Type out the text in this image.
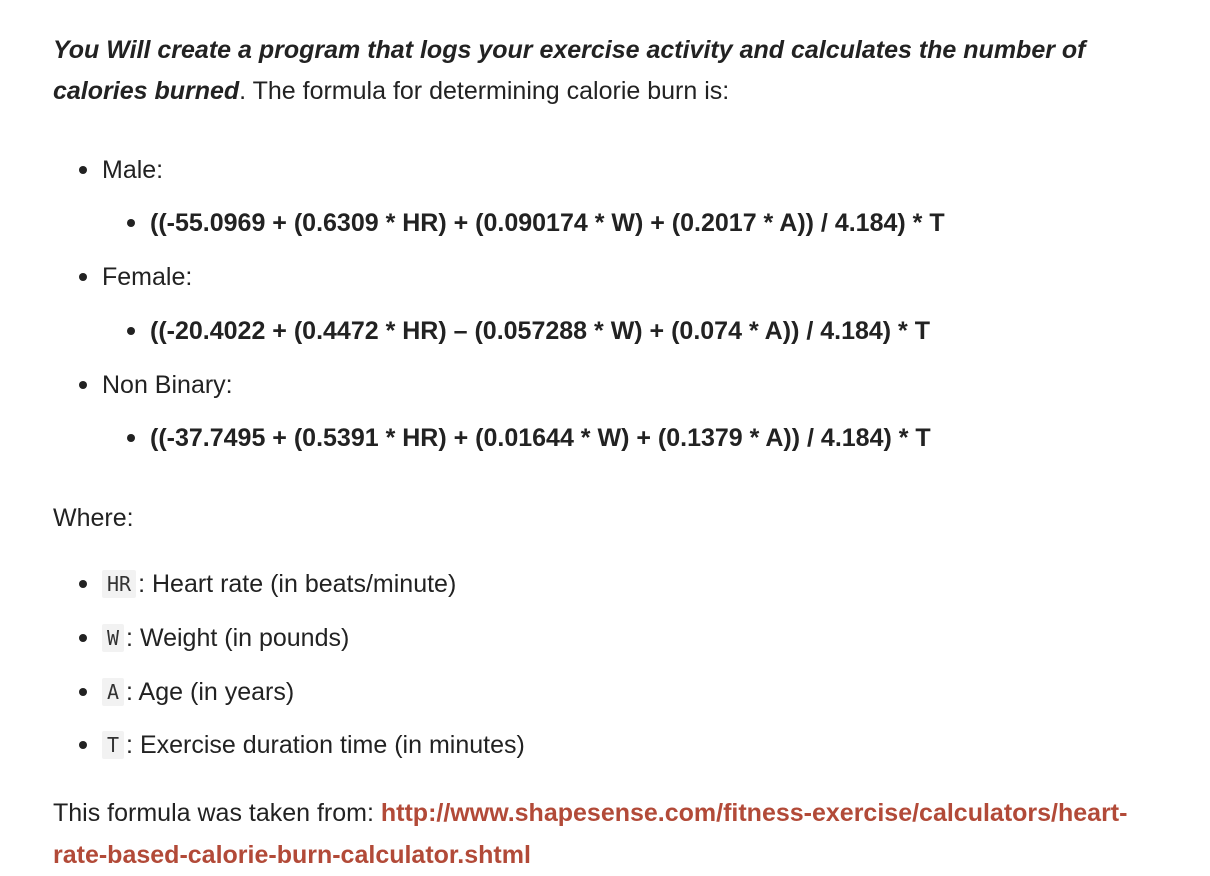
You Will create a program that logs your exercise activity and calculates the number of calories burned. The formula for determining calorie burn is:

Male:
((-55.0969 + (0.6309 * HR) + (0.090174 * W) + (0.2017 * A)) / 4.184) * T
Female:
((-20.4022 + (0.4472 * HR) – (0.057288 * W) + (0.074 * A)) / 4.184) * T
Non Binary:
((-37.7495 + (0.5391 * HR) + (0.01644 * W) + (0.1379 * A)) / 4.184) * T
Where:
HR : Heart rate (in beats/minute)
W : Weight (in pounds)
A : Age (in years)
T : Exercise duration time (in minutes)

This formula was taken from: http://www.shapesense.com/fitness-exercise/calculators/heart-rate-based-calorie-burn-calculator.shtml
